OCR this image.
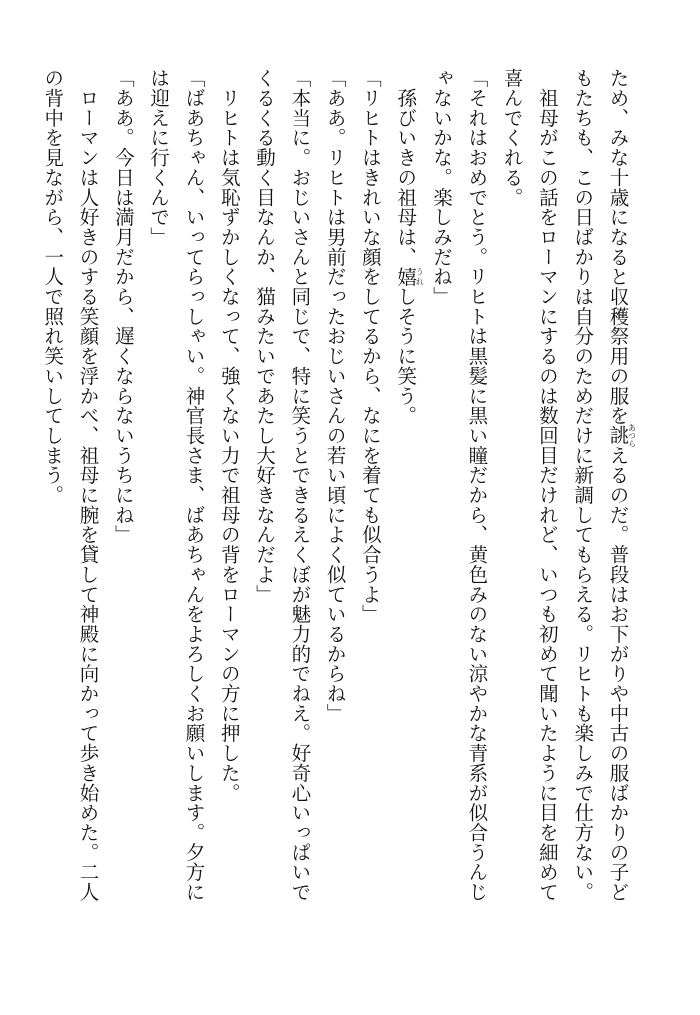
ため、みな十歳になると収穫祭用の服を誂あつらえるのだ。普段はお下がりや中古の服ばかりの子ど
もたちも、この日ばかりは自分のためだけに新調してもらえる。リヒトも楽しみで仕方ない。
　祖母がこの話をローマンにするのは数回目だけれど、いつも初めて聞いたように目を細めて
喜んでくれる。
「それはおめでとう。リヒトは黒髪に黒い瞳だから、黄色みのない涼やかな青系が似合うんじ
ゃないかな。楽しみだね」
　孫びいきの祖母は、嬉うれしそうに笑う。
「リヒトはきれいな顔をしてるから、なにを着ても似合うよ」
「ああ。リヒトは男前だったおじいさんの若い頃によく似ているからね」
「本当に。おじいさんと同じで、特に笑うとできるえくぼが魅力的でねえ。好奇心いっぱいで
くるくる動く目なんか、猫みたいであたし大好きなんだよ」
　リヒトは気恥ずかしくなって、強くない力で祖母の背をローマンの方に押した。
「ばあちゃん、いってらっしゃい。神官長さま、ばあちゃんをよろしくお願いします。夕方に
は迎えに行くんで」
「ああ。今日は満月だから、遅くならないうちにね」
　ローマンは人好きのする笑顔を浮かべ、祖母に腕を貸して神殿に向かって歩き始めた。二人
の背中を見ながら、一人で照れ笑いしてしまう。
